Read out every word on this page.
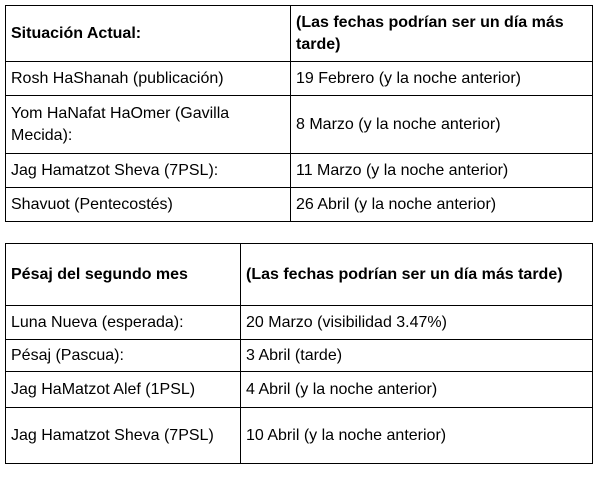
Situación Actual:	(Las fechas podrían ser un día más tarde)
Rosh HaShanah (publicación)	19 Febrero (y la noche anterior)
Yom HaNafat HaOmer (Gavilla Mecida):	8 Marzo (y la noche anterior)
Jag Hamatzot Sheva (7PSL):	11 Marzo (y la noche anterior)
Shavuot (Pentecostés)	26 Abril (y la noche anterior)
Pésaj del segundo mes	(Las fechas podrían ser un día más tarde)
Luna Nueva (esperada):	20 Marzo (visibilidad 3.47%)
Pésaj (Pascua):	3 Abril (tarde)
Jag HaMatzot Alef (1PSL)	4 Abril (y la noche anterior)
Jag Hamatzot Sheva (7PSL)	10 Abril (y la noche anterior)
